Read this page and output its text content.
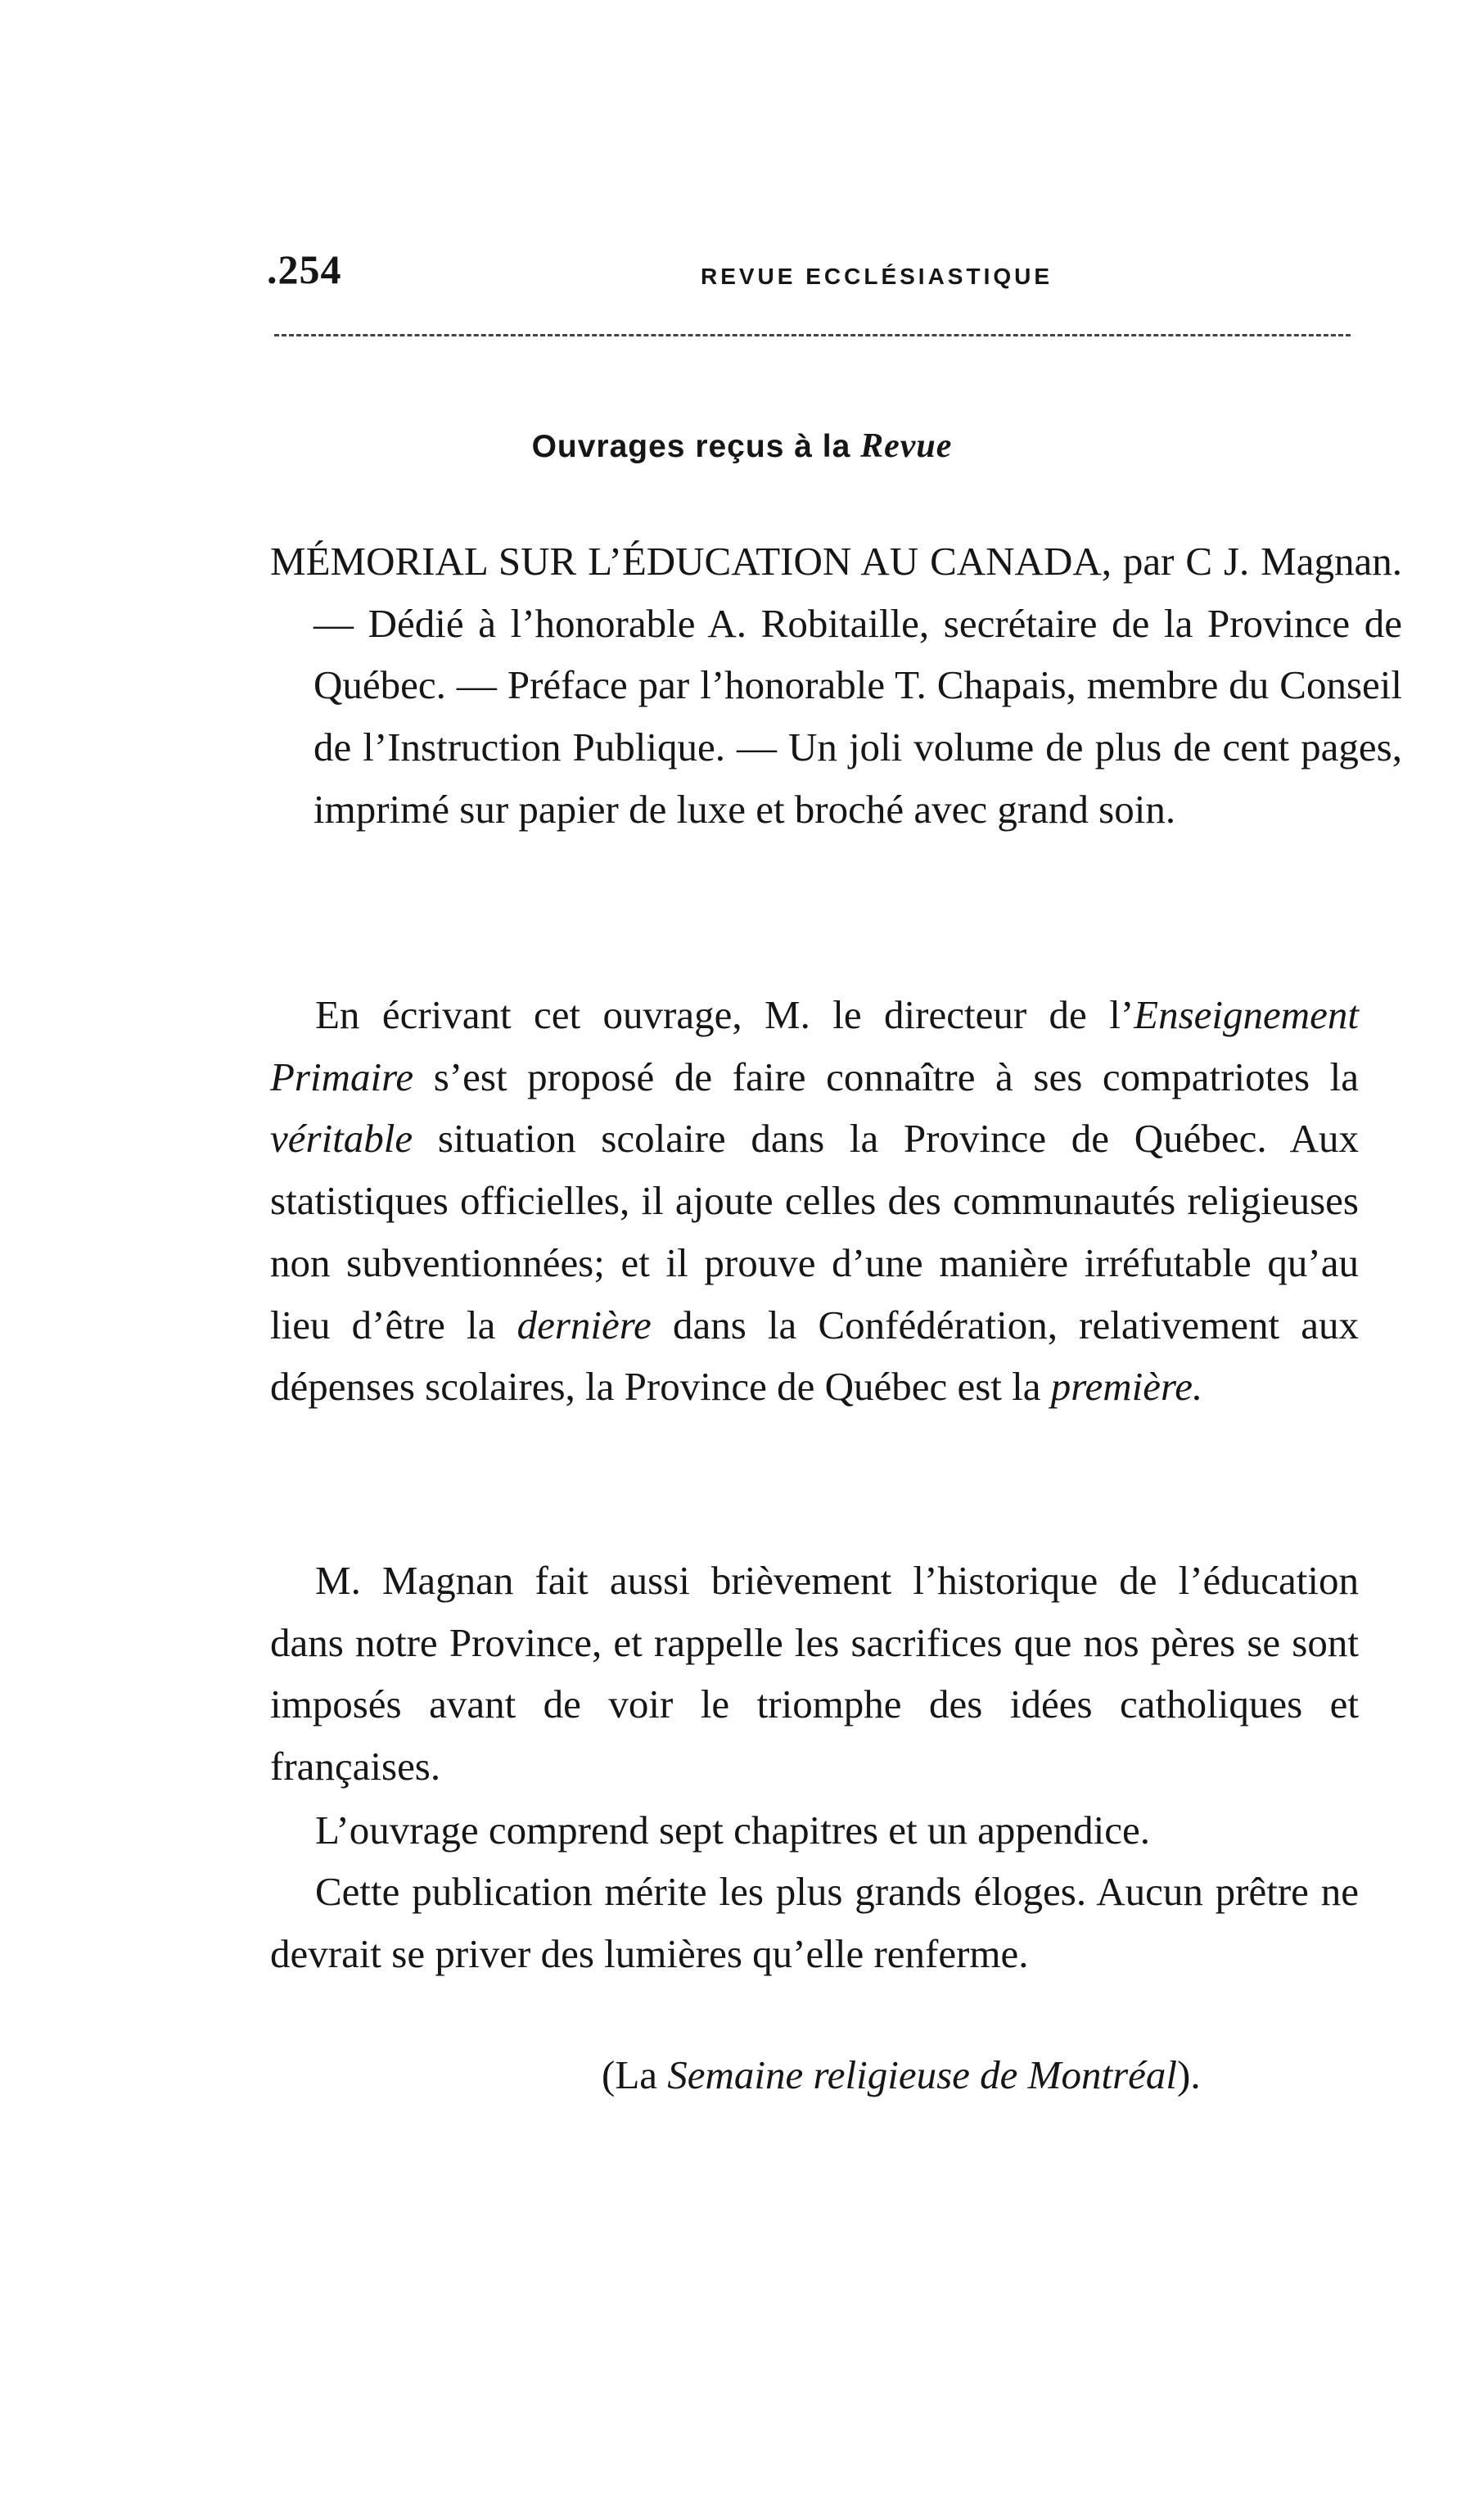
.254	REVUE ECCLÉSIASTIQUE
Ouvrages reçus à la Revue

MÉMORIAL SUR L’ÉDUCATION AU CANADA, par C J. Magnan. — Dédié à l’honorable A. Robitaille, secrétaire de la Province de Québec. — Préface par l’honorable T. Chapais, membre du Conseil de l’Instruction Publique. — Un joli volume de plus de cent pages, imprimé sur papier de luxe et broché avec grand soin.

En écrivant cet ouvrage, M. le directeur de l’Enseignement Primaire s’est proposé de faire connaître à ses compatriotes la véritable situation scolaire dans la Province de Québec. Aux statistiques officielles, il ajoute celles des communautés religieuses non subventionnées; et il prouve d’une manière irréfutable qu’au lieu d’être la dernière dans la Confédération, relativement aux dépenses scolaires, la Province de Québec est la première.

M. Magnan fait aussi brièvement l’historique de l’éducation dans notre Province, et rappelle les sacrifices que nos pères se sont imposés avant de voir le triomphe des idées catholiques et françaises.

L’ouvrage comprend sept chapitres et un appendice.

Cette publication mérite les plus grands éloges. Aucun prêtre ne devrait se priver des lumières qu’elle renferme.

(La Semaine religieuse de Montréal).
